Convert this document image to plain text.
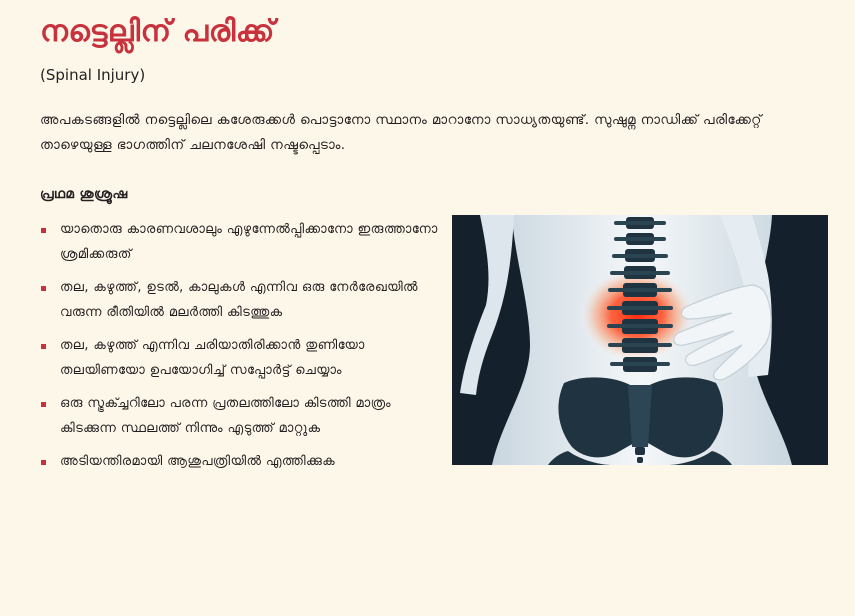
നട്ടെല്ലിന് പരിക്ക്
(Spinal Injury)

അപകടങ്ങളിൽ നട്ടെല്ലിലെ കശേരുക്കൾ പൊട്ടാനോ സ്ഥാനം മാറാനോ സാധ്യതയുണ്ട്. സുഷുമ്ന നാഡിക്ക് പരിക്കേറ്റ് താഴെയുള്ള ഭാഗത്തിന് ചലനശേഷി നഷ്ടപ്പെടാം.

പ്രഥമ ശുശ്രൂഷ
യാതൊരു കാരണവശാലും എഴുന്നേൽപ്പിക്കാനോ ഇരുത്താനോ ശ്രമിക്കരുത്
തല, കഴുത്ത്, ഉടൽ, കാലുകൾ എന്നിവ ഒരു നേർരേഖയിൽ വരുന്ന രീതിയിൽ മലർത്തി കിടത്തുക
തല, കഴുത്ത് എന്നിവ ചരിയാതിരിക്കാൻ തുണിയോ തലയിണയോ ഉപയോഗിച്ച് സപ്പോർട്ട് ചെയ്യാം
ഒരു സ്ട്രക്ച്ചറിലോ പരന്ന പ്രതലത്തിലോ കിടത്തി മാത്രം കിടക്കുന്ന സ്ഥലത്ത് നിന്നും എടുത്ത് മാറ്റുക
അടിയന്തിരമായി ആശുപത്രിയിൽ എത്തിക്കുക
